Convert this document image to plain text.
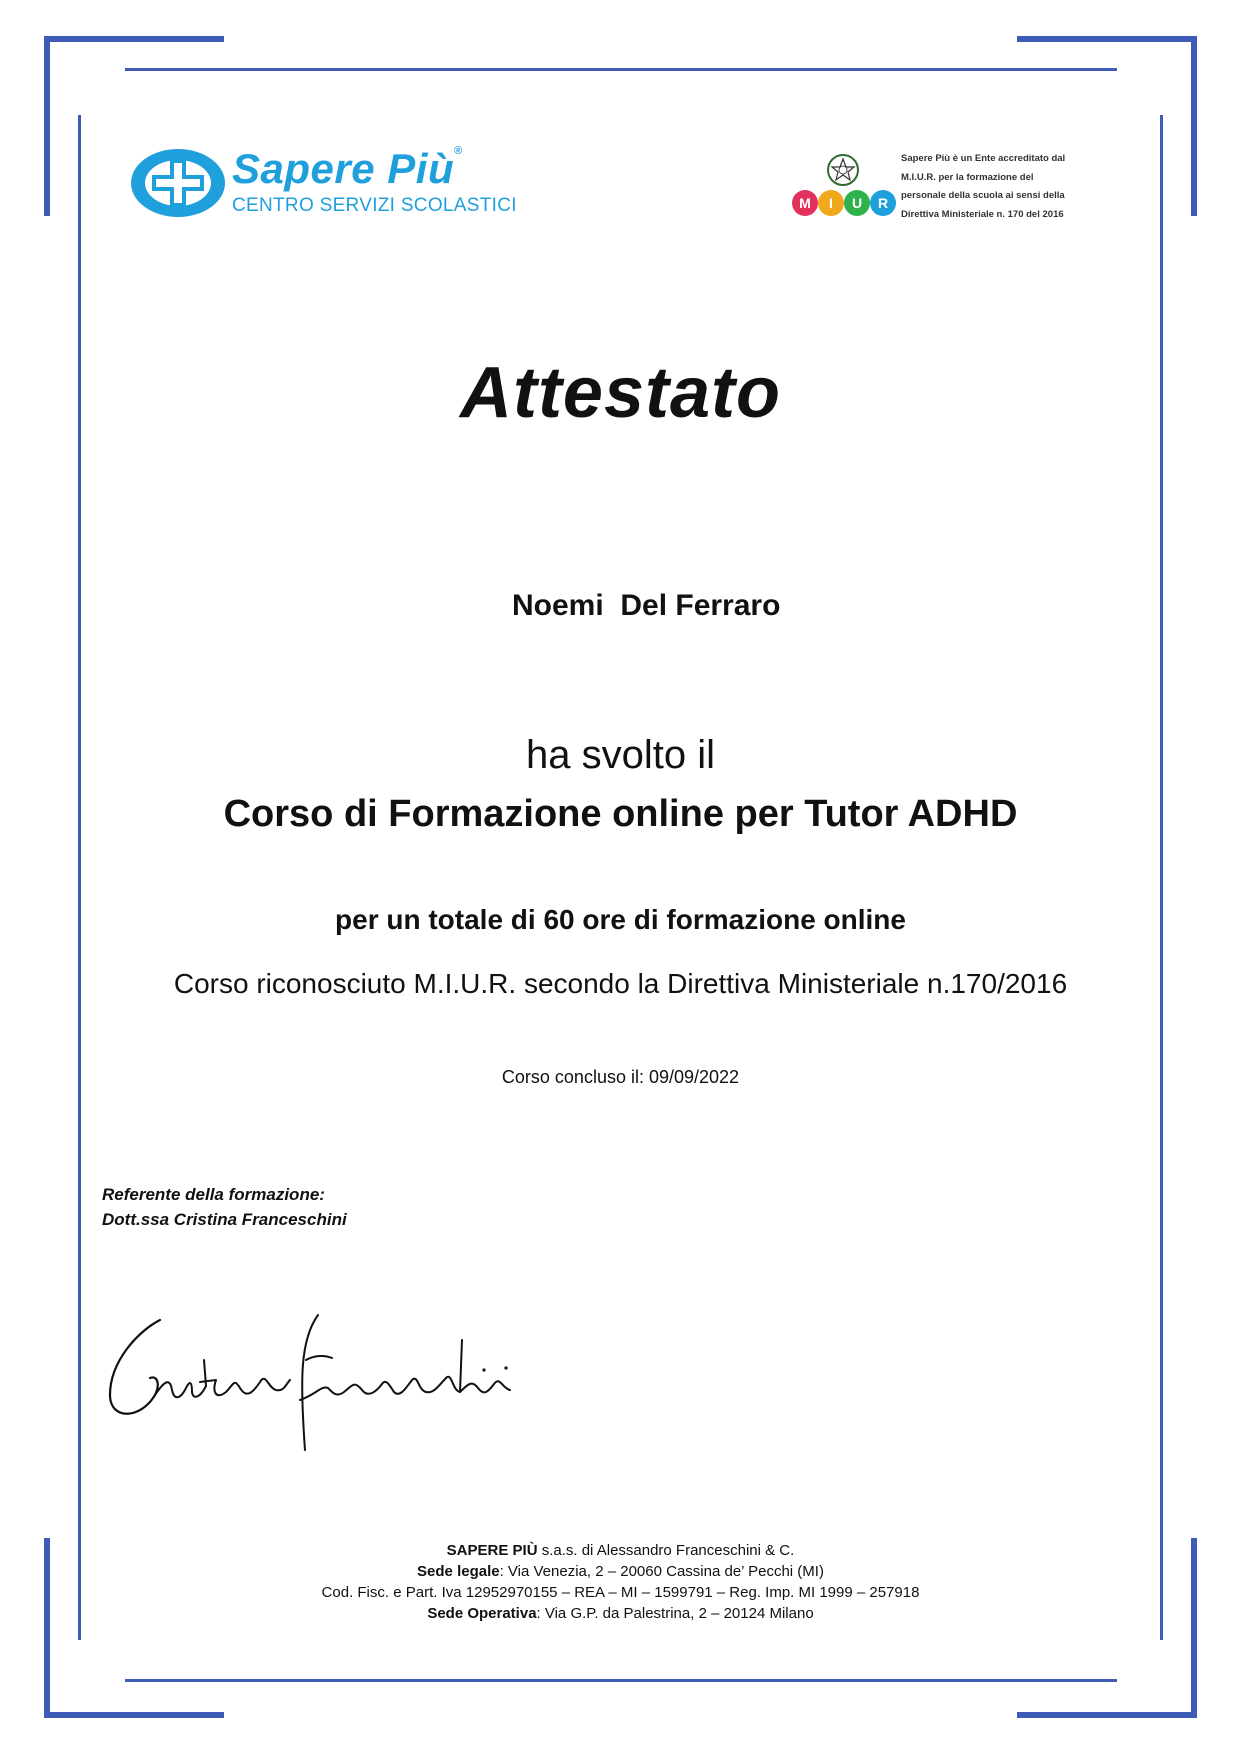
Sapere Più®
CENTRO SERVIZI SCOLASTICI	M	I	U	R
Sapere Più è un Ente accreditato dal
M.I.U.R. per la formazione del
personale della scuola ai sensi della
Direttiva Ministeriale n. 170 del 2016
Attestato
Noemi  Del Ferraro
ha svolto il
Corso di Formazione online per Tutor ADHD
per un totale di 60 ore di formazione online
Corso riconosciuto M.I.U.R. secondo la Direttiva Ministeriale n.170/2016
Corso concluso il: 09/09/2022
Referente della formazione:
Dott.ssa Cristina Franceschini
SAPERE PIÙ s.a.s. di Alessandro Franceschini & C.
Sede legale: Via Venezia, 2 – 20060 Cassina de’ Pecchi (MI)
Cod. Fisc. e Part. Iva 12952970155 – REA – MI – 1599791 – Reg. Imp. MI 1999 – 257918
Sede Operativa: Via G.P. da Palestrina, 2 – 20124 Milano
